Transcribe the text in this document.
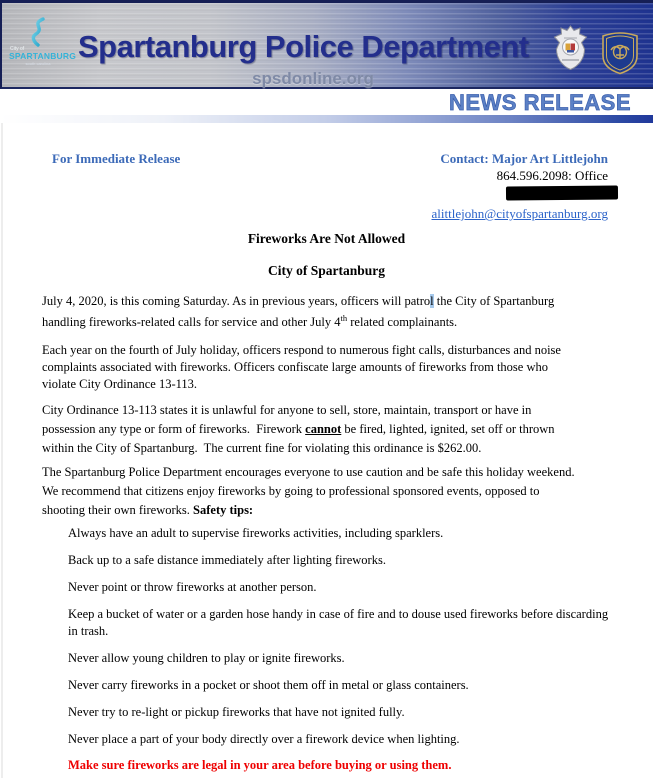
City of
SPARTANBURG
south carolina Spartanburg Police Department
spsdonline.org
NEWS RELEASE
For Immediate Release	Contact: Major Art Littlejohn
864.596.2098: Office
alittlejohn@cityofspartanburg.org
Fireworks Are Not Allowed
City of Spartanburg
July 4, 2020, is this coming Saturday. As in previous years, officers will patrol the City of Spartanburg
handling fireworks-related calls for service and other July 4th related complainants.
Each year on the fourth of July holiday, officers respond to numerous fight calls, disturbances and noise
complaints associated with fireworks. Officers confiscate large amounts of fireworks from those who
violate City Ordinance 13-113.
City Ordinance 13-113 states it is unlawful for anyone to sell, store, maintain, transport or have in
possession any type or form of fireworks.  Firework cannot be fired, lighted, ignited, set off or thrown
within the City of Spartanburg.  The current fine for violating this ordinance is $262.00.
The Spartanburg Police Department encourages everyone to use caution and be safe this holiday weekend.
We recommend that citizens enjoy fireworks by going to professional sponsored events, opposed to
shooting their own fireworks. Safety tips:
Always have an adult to supervise fireworks activities, including sparklers.
Back up to a safe distance immediately after lighting fireworks.
Never point or throw fireworks at another person.
Keep a bucket of water or a garden hose handy in case of fire and to douse used fireworks before discarding
in trash.
Never allow young children to play or ignite fireworks.
Never carry fireworks in a pocket or shoot them off in metal or glass containers.
Never try to re-light or pickup fireworks that have not ignited fully.
Never place a part of your body directly over a firework device when lighting.
Make sure fireworks are legal in your area before buying or using them.
